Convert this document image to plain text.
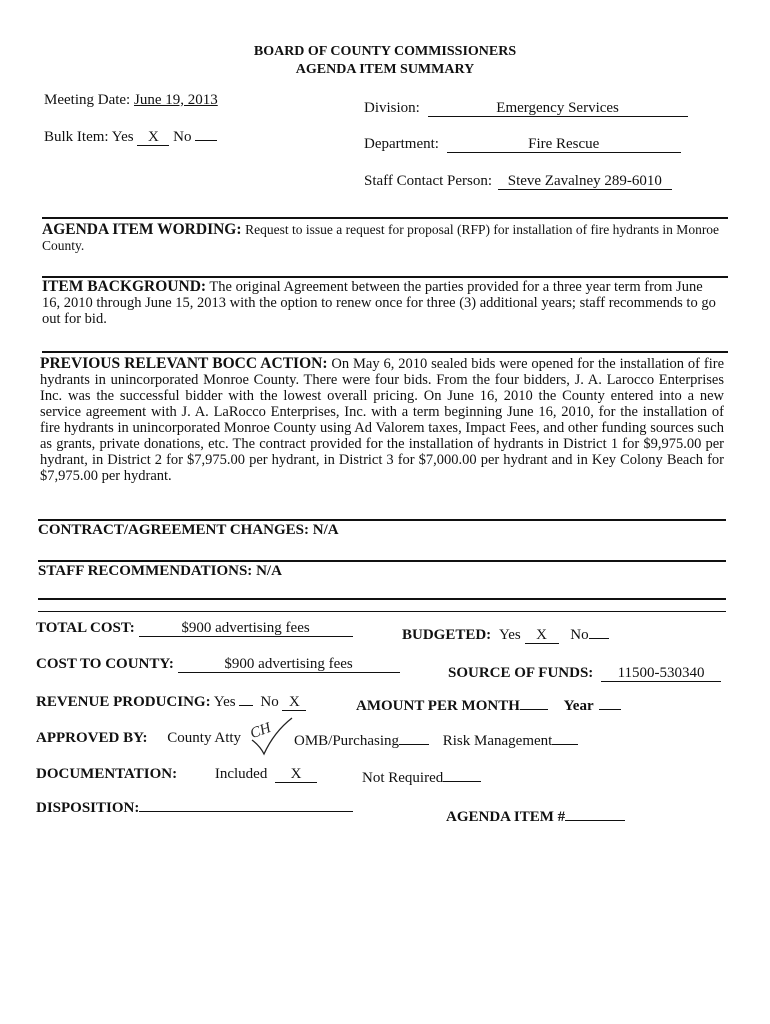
BOARD OF COUNTY COMMISSIONERS
AGENDA ITEM SUMMARY
Meeting Date: June 19, 2013	Division:	Emergency Services
Bulk Item: Yes X No	Department:	Fire Rescue
Staff Contact Person: Steve Zavalney 289-6010
AGENDA ITEM WORDING: Request to issue a request for proposal (RFP) for installation of fire hydrants in Monroe County.
ITEM BACKGROUND: The original Agreement between the parties provided for a three year term from June 16, 2010 through June 15, 2013 with the option to renew once for three (3) additional years; staff recommends to go out for bid.
PREVIOUS RELEVANT BOCC ACTION: On May 6, 2010 sealed bids were opened for the installation of fire hydrants in unincorporated Monroe County. There were four bids. From the four bidders, J. A. Larocco Enterprises Inc. was the successful bidder with the lowest overall pricing. On June 16, 2010 the County entered into a new service agreement with J. A. LaRocco Enterprises, Inc. with a term beginning June 16, 2010, for the installation of fire hydrants in unincorporated Monroe County using Ad Valorem taxes, Impact Fees, and other funding sources such as grants, private donations, etc. The contract provided for the installation of hydrants in District 1 for $9,975.00 per hydrant, in District 2 for $7,975.00 per hydrant, in District 3 for $7,000.00 per hydrant and in Key Colony Beach for $7,975.00 per hydrant.
CONTRACT/AGREEMENT CHANGES: N/A
STAFF RECOMMENDATIONS: N/A
TOTAL COST:	$900 advertising fees	BUDGETED: Yes X No
COST TO COUNTY:	$900 advertising fees
SOURCE OF FUNDS: 11500-530340
REVENUE PRODUCING: Yes No X	AMOUNT PER MONTH	Year
APPROVED BY: County Atty CH OMB/Purchasing	Risk Management
DOCUMENTATION:	Included X	Not Required
DISPOSITION:
AGENDA ITEM #
